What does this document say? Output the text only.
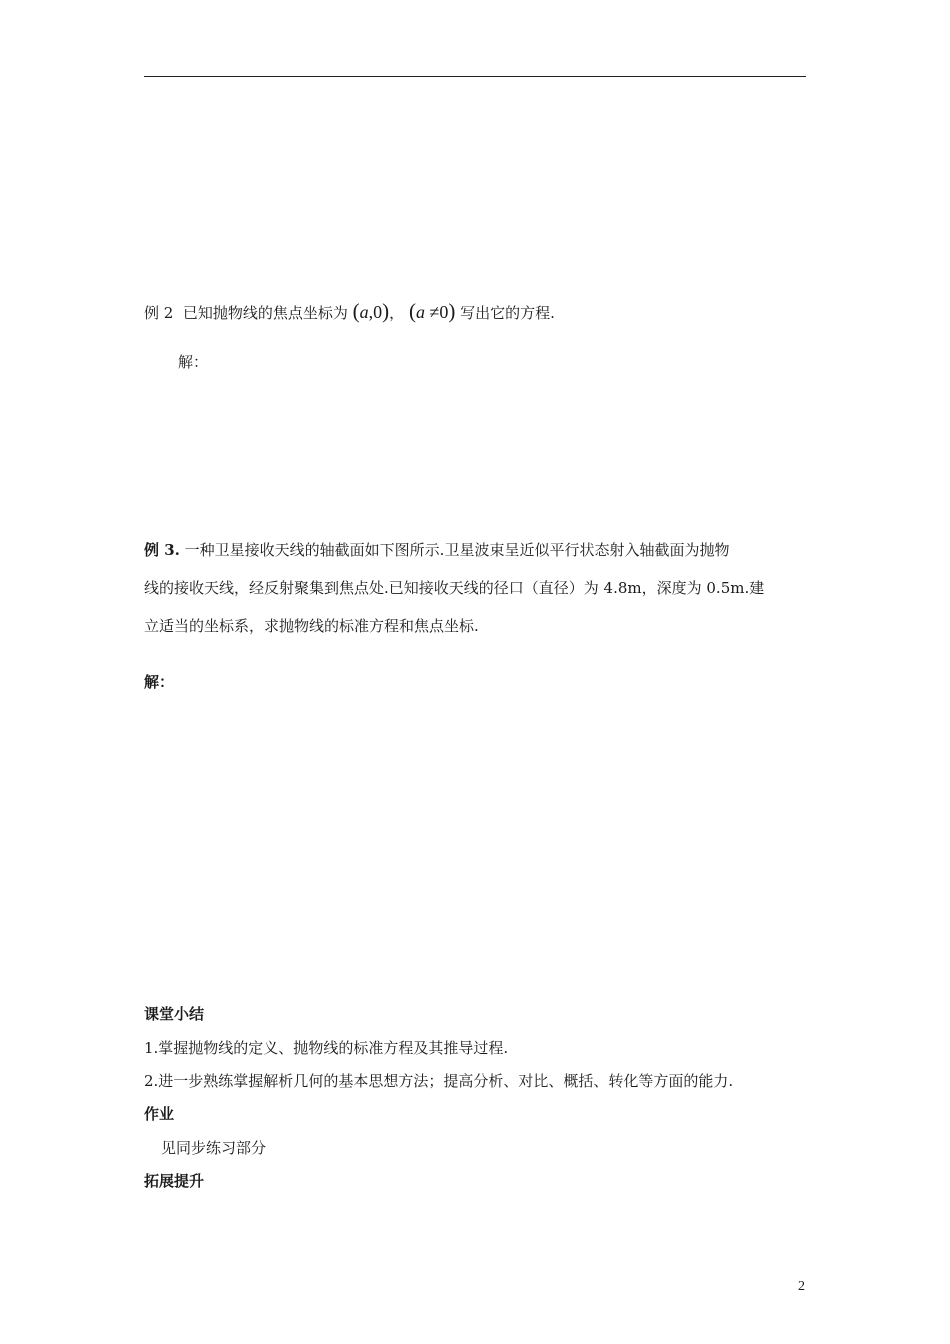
例 2 已知抛物线的焦点坐标为 (a,0)， (a ≠0) 写出它的方程.
解：
例 3. 一种卫星接收天线的轴截面如下图所示.卫星波束呈近似平行状态射入轴截面为抛物
线的接收天线，经反射聚集到焦点处.已知接收天线的径口（直径）为 4.8m，深度为 0.5m.建
立适当的坐标系，求抛物线的标准方程和焦点坐标.
解：
课堂小结
1.掌握抛物线的定义、抛物线的标准方程及其推导过程.
2.进一步熟练掌握解析几何的基本思想方法；提高分析、对比、概括、转化等方面的能力.
作业
见同步练习部分
拓展提升
2
